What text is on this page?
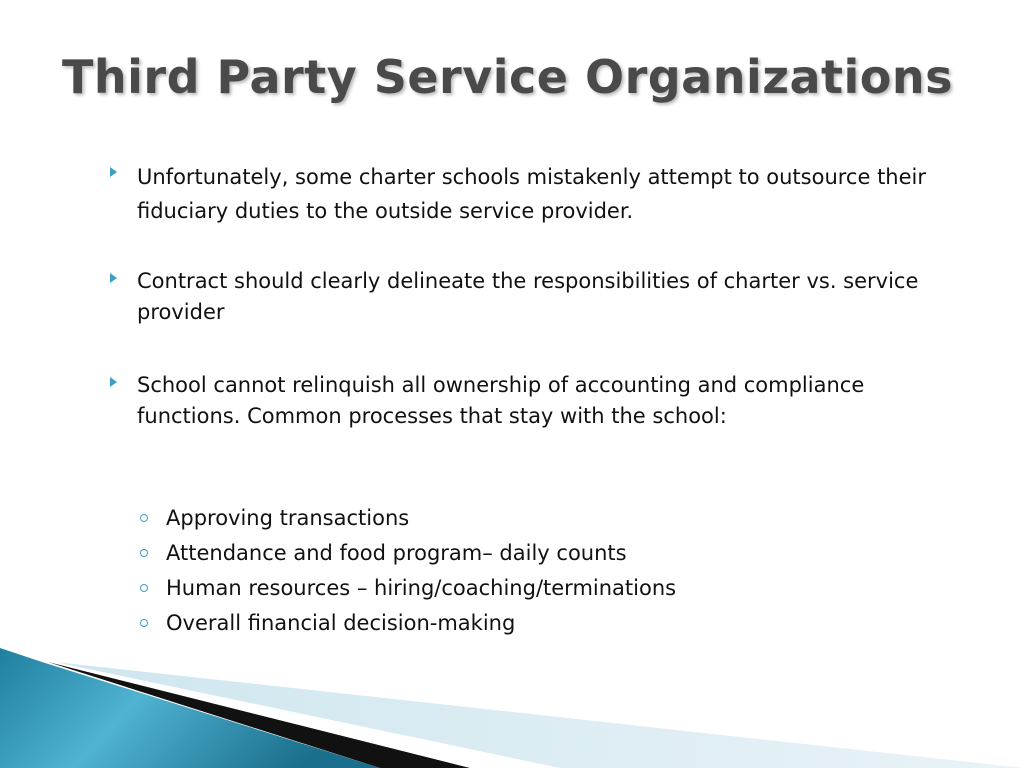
Third Party Service Organizations
Unfortunately, some charter schools mistakenly attempt to outsource their fiduciary duties to the outside service provider.
Contract should clearly delineate the responsibilities of charter vs. service provider
School cannot relinquish all ownership of accounting and compliance functions. Common processes that stay with the school:
Approving transactions
Attendance and food program– daily counts
Human resources – hiring/coaching/terminations
Overall financial decision-making
